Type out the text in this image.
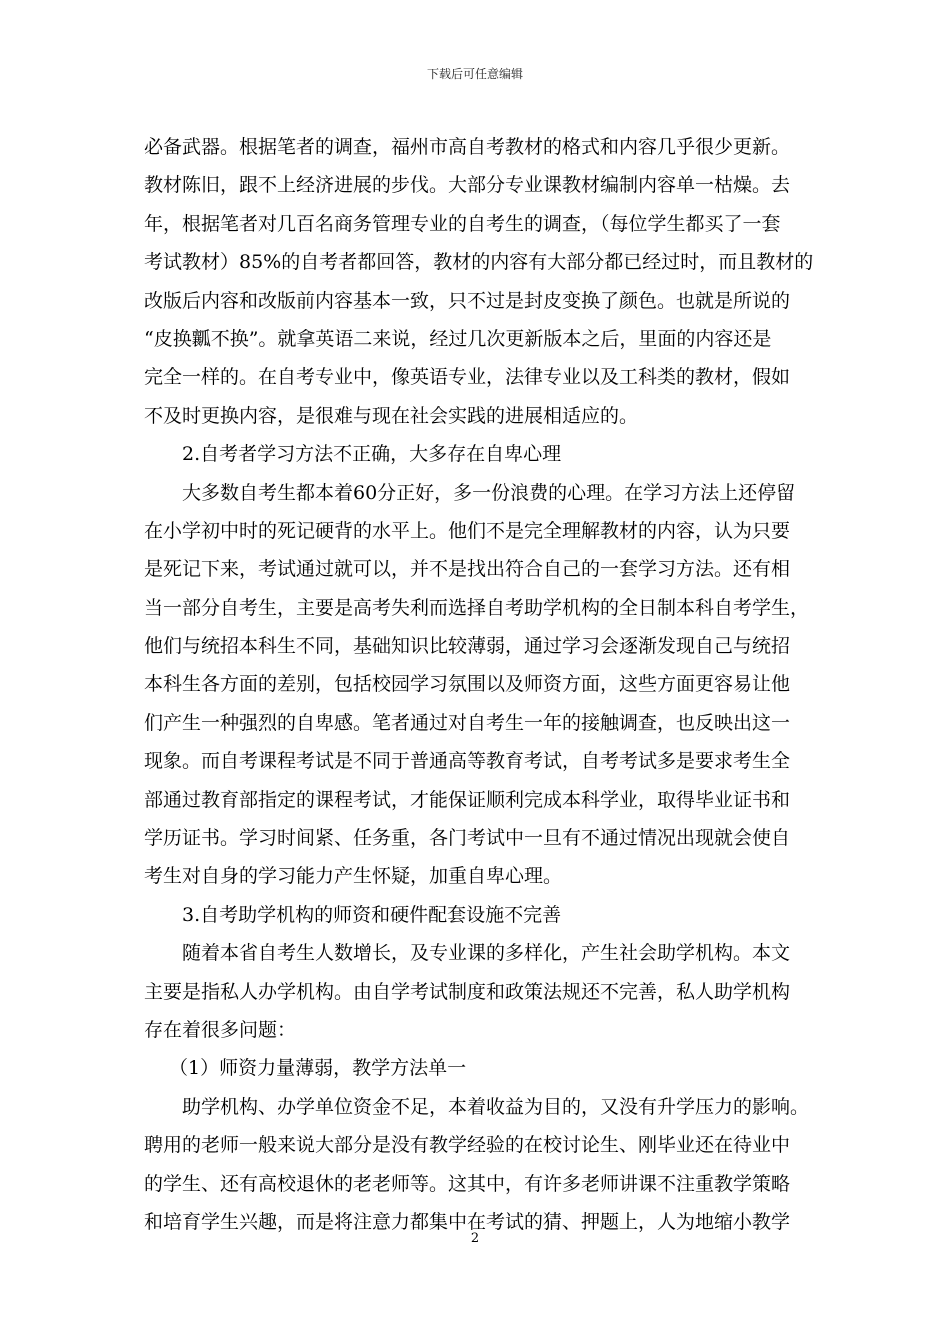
下载后可任意编辑
必备武器。根据笔者的调查，福州市高自考教材的格式和内容几乎很少更新。
教材陈旧，跟不上经济进展的步伐。大部分专业课教材编制内容单一枯燥。去
年，根据笔者对几百名商务管理专业的自考生的调查，（每位学生都买了一套
考试教材）85%的自考者都回答，教材的内容有大部分都已经过时，而且教材的
改版后内容和改版前内容基本一致，只不过是封皮变换了颜色。也就是所说的
“皮换瓤不换”。就拿英语二来说，经过几次更新版本之后，里面的内容还是
完全一样的。在自考专业中，像英语专业，法律专业以及工科类的教材，假如
不及时更换内容，是很难与现在社会实践的进展相适应的。
2.自考者学习方法不正确，大多存在自卑心理
大多数自考生都本着60分正好，多一份浪费的心理。在学习方法上还停留
在小学初中时的死记硬背的水平上。他们不是完全理解教材的内容，认为只要
是死记下来，考试通过就可以，并不是找出符合自己的一套学习方法。还有相
当一部分自考生，主要是高考失利而选择自考助学机构的全日制本科自考学生，
他们与统招本科生不同，基础知识比较薄弱，通过学习会逐渐发现自己与统招
本科生各方面的差别，包括校园学习氛围以及师资方面，这些方面更容易让他
们产生一种强烈的自卑感。笔者通过对自考生一年的接触调查，也反映出这一
现象。而自考课程考试是不同于普通高等教育考试，自考考试多是要求考生全
部通过教育部指定的课程考试，才能保证顺利完成本科学业，取得毕业证书和
学历证书。学习时间紧、任务重，各门考试中一旦有不通过情况出现就会使自
考生对自身的学习能力产生怀疑，加重自卑心理。
3.自考助学机构的师资和硬件配套设施不完善
随着本省自考生人数增长，及专业课的多样化，产生社会助学机构。本文
主要是指私人办学机构。由自学考试制度和政策法规还不完善，私人助学机构
存在着很多问题：
（1）师资力量薄弱，教学方法单一
助学机构、办学单位资金不足，本着收益为目的，又没有升学压力的影响。
聘用的老师一般来说大部分是没有教学经验的在校讨论生、刚毕业还在待业中
的学生、还有高校退休的老老师等。这其中，有许多老师讲课不注重教学策略
和培育学生兴趣，而是将注意力都集中在考试的猜、押题上，人为地缩小教学
2
